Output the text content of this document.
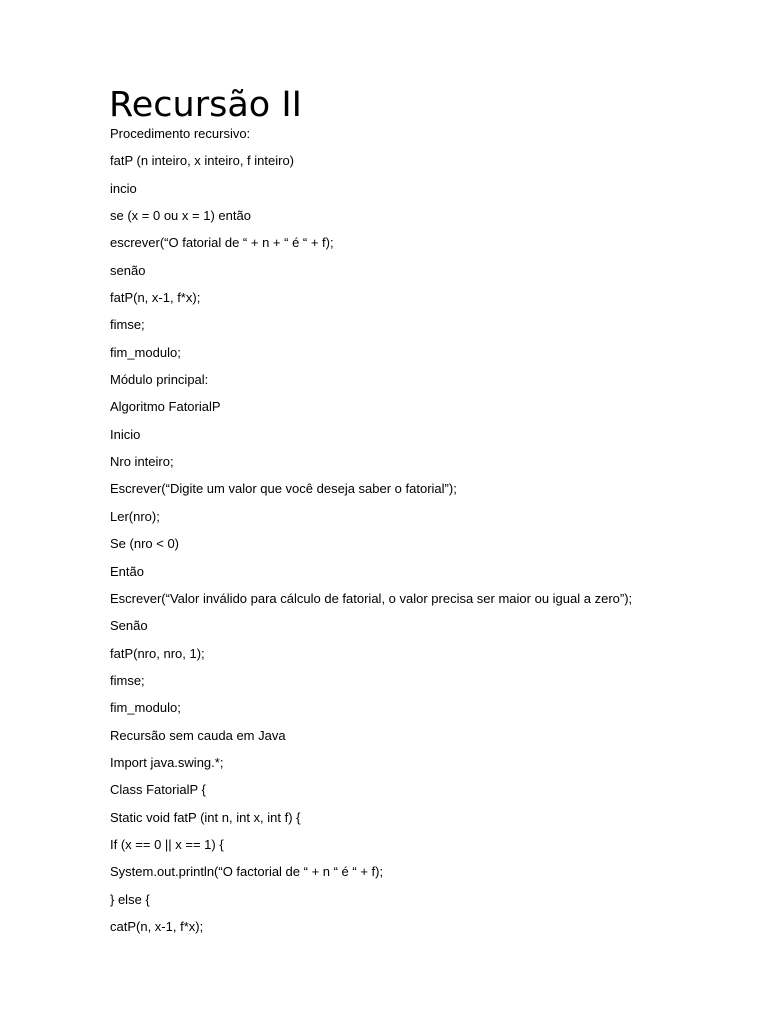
Recursão II
Procedimento recursivo:
fatP (n inteiro, x inteiro, f inteiro)
incio
se (x = 0 ou x = 1) então
escrever(“O fatorial de “ + n + “ é “ + f);
senão
fatP(n, x-1, f*x);
fimse;
fim_modulo;
Módulo principal:
Algoritmo FatorialP
Inicio
Nro inteiro;
Escrever(“Digite um valor que você deseja saber o fatorial”);
Ler(nro);
Se (nro < 0)
Então
Escrever(“Valor inválido para cálculo de fatorial, o valor precisa ser maior ou igual a zero”);
Senão
fatP(nro, nro, 1);
fimse;
fim_modulo;
Recursão sem cauda em Java
Import java.swing.*;
Class FatorialP {
Static void fatP (int n, int x, int f) {
If (x == 0 || x == 1) {
System.out.println(“O factorial de “ + n “ é “ + f);
} else {
catP(n, x-1, f*x);
